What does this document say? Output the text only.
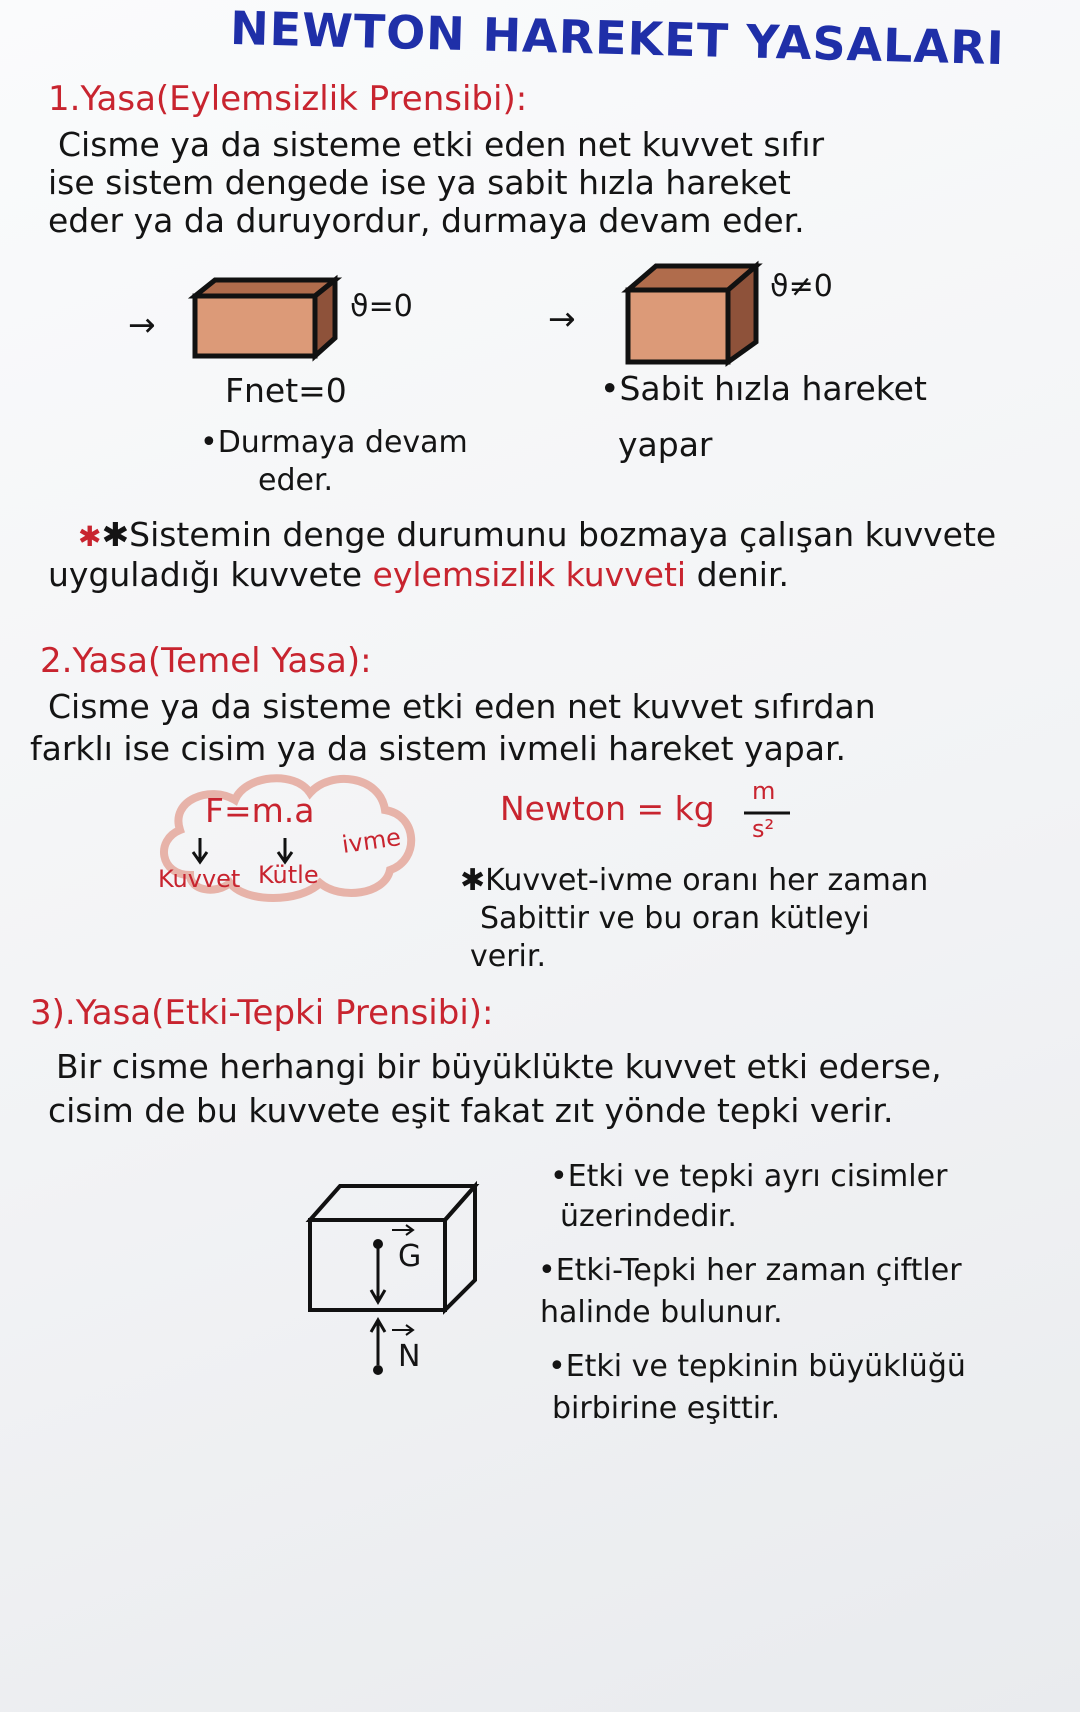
NEWTON HAREKET YASALARI
1.Yasa(Eylemsizlik Prensibi):
Cisme ya da sisteme etki eden net kuvvet sıfır
ise sistem dengede ise ya sabit hızla hareket
eder ya da duruyordur, durmaya devam eder.
→	ϑ=0	→
ϑ≠0
Fnet=0
•Durmaya devam
eder.
•Sabit hızla hareket
yapar
✱✱Sistemin denge durumunu bozmaya çalışan kuvvete
uyguladığı kuvvete eylemsizlik kuvveti denir.
2.Yasa(Temel Yasa):
Cisme ya da sisteme etki eden net kuvvet sıfırdan
farklı ise cisim ya da sistem ivmeli hareket yapar.
F=m.a
ivme
Kuvvet Kütle
Newton = kg m
s²
✱Kuvvet-ivme oranı her zaman
Sabittir ve bu oran kütleyi
verir.
3).Yasa(Etki-Tepki Prensibi):
Bir cisme herhangi bir büyüklükte kuvvet etki ederse,
cisim de bu kuvvete eşit fakat zıt yönde tepki verir.
G
N
•Etki ve tepki ayrı cisimler
üzerindedir.
•Etki-Tepki her zaman çiftler
halinde bulunur.
•Etki ve tepkinin büyüklüğü
birbirine eşittir.
